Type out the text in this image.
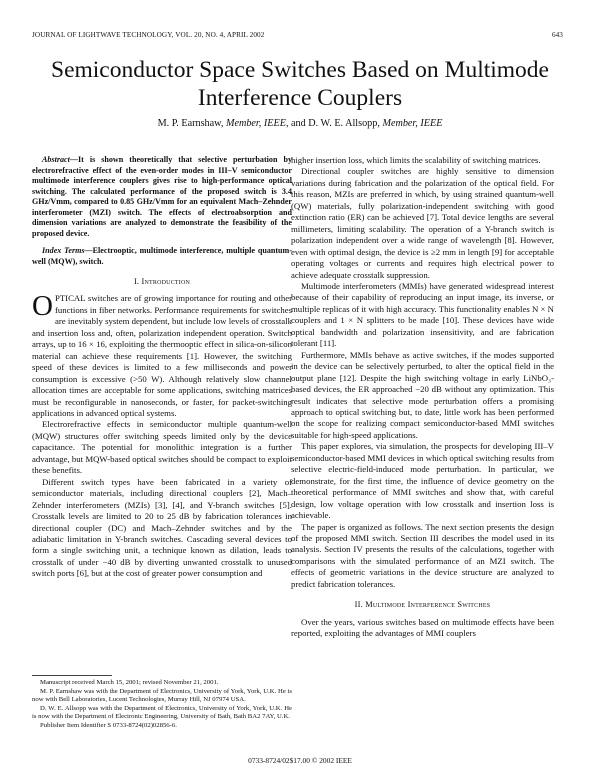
JOURNAL OF LIGHTWAVE TECHNOLOGY, VOL. 20, NO. 4, APRIL 2002	643
Semiconductor Space Switches Based on Multimode
Interference Couplers
M. P. Earnshaw, Member, IEEE, and D. W. E. Allsopp, Member, IEEE

Abstract—It is shown theoretically that selective perturbation by electrorefractive effect of the even-order modes in III–V semiconductor multimode interference couplers gives rise to high-performance optical switching. The calculated performance of the proposed switch is 3.4 GHz/Vmm, compared to 0.85 GHz/Vmm for an equivalent Mach–Zehnder interferometer (MZI) switch. The effects of electroabsorption and dimension variations are analyzed to demonstrate the feasibility of the proposed device.

Index Terms—Electrooptic, multimode interference, multiple quantum-well (MQW), switch.

I. Introduction

OPTICAL switches are of growing importance for routing and other functions in fiber networks. Performance requirements for switches are inevitably system dependent, but include low levels of crosstalk and insertion loss and, often, polarization independent operation. Switch arrays, up to 16 × 16, exploiting the thermooptic effect in silica-on-silicon material can achieve these requirements [1]. However, the switching speed of these devices is limited to a few milliseconds and power consumption is excessive (>50 W). Although relatively slow channel allocation times are acceptable for some applications, switching matrices must be reconfigurable in nanoseconds, or faster, for packet-switching applications in advanced optical systems.

Electrorefractive effects in semiconductor multiple quantum-well (MQW) structures offer switching speeds limited only by the device capacitance. The potential for monolithic integration is a further advantage, but MQW-based optical switches should be compact to exploit these benefits.

Different switch types have been fabricated in a variety of semiconductor materials, including directional couplers [2], Mach–Zehnder interferometers (MZIs) [3], [4], and Y-branch switches [5]. Crosstalk levels are limited to 20 to 25 dB by fabrication tolerances in directional coupler (DC) and Mach–Zehnder switches and by the adiabatic limitation in Y-branch switches. Cascading several devices to form a single switching unit, a technique known as dilation, leads to crosstalk of under −40 dB by diverting unwanted crosstalk to unused switch ports [6], but at the cost of greater power consumption and

Manuscript received March 15, 2001; revised November 21, 2001.

M. P. Earnshaw was with the Department of Electronics, University of York, York, U.K. He is now with Bell Laboratories, Lucent Technologies, Murray Hill, NJ 07974 USA.

D. W. E. Allsopp was with the Department of Electronics, University of York, York, U.K. He is now with the Department of Electronic Engineering, University of Bath, Bath BA2 7AY, U.K.

Publisher Item Identifier S 0733-8724(02)02856-6.

higher insertion loss, which limits the scalability of switching matrices.

Directional coupler switches are highly sensitive to dimension variations during fabrication and the polarization of the optical field. For this reason, MZIs are preferred in which, by using strained quantum-well (QW) materials, fully polarization-independent switching with good extinction ratio (ER) can be achieved [7]. Total device lengths are several millimeters, limiting scalability. The operation of a Y-branch switch is polarization independent over a wide range of wavelength [8]. However, even with optimal design, the device is ≥2 mm in length [9] for acceptable operating voltages or currents and requires high electrical power to achieve adequate crosstalk suppression.

Multimode interferometers (MMIs) have generated widespread interest because of their capability of reproducing an input image, its inverse, or multiple replicas of it with high accuracy. This functionality enables N × N couplers and 1 × N splitters to be made [10]. These devices have wide optical bandwidth and polarization insensitivity, and are fabrication tolerant [11].

Furthermore, MMIs behave as active switches, if the modes supported in the device can be selectively perturbed, to alter the optical field in the output plane [12]. Despite the high switching voltage in early LiNbO₃-based devices, the ER approached −20 dB without any optimization. This result indicates that selective mode perturbation offers a promising approach to optical switching but, to date, little work has been performed on the scope for realizing compact semiconductor-based MMI switches suitable for high-speed applications.

This paper explores, via simulation, the prospects for developing III–V semiconductor-based MMI devices in which optical switching results from selective electric-field-induced mode perturbation. In particular, we demonstrate, for the first time, the influence of device geometry on the theoretical performance of MMI switches and show that, with careful design, low voltage operation with low crosstalk and insertion loss is achievable.

The paper is organized as follows. The next section presents the design of the proposed MMI switch. Section III describes the model used in its analysis. Section IV presents the results of the calculations, together with comparisons with the simulated performance of an MZI switch. The effects of geometric variations in the device structure are analyzed to predict fabrication tolerances.

II. Multimode Interference Switches

Over the years, various switches based on multimode effects have been reported, exploiting the advantages of MMI couplers

0733-8724/02$17.00 © 2002 IEEE
